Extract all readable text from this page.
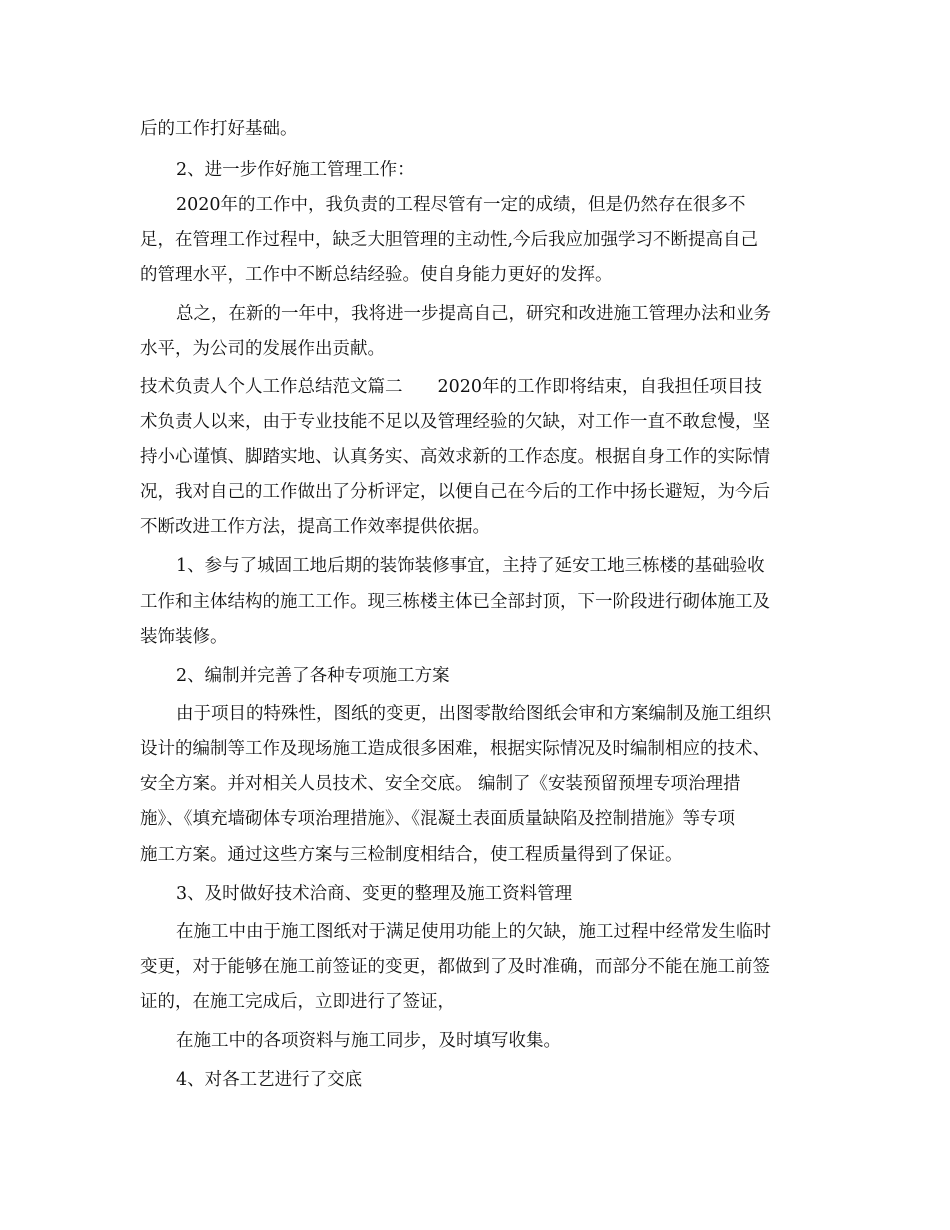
后的工作打好基础。

2、进一步作好施工管理工作：

2020年的工作中，我负责的工程尽管有一定的成绩，但是仍然存在很多不

足，在管理工作过程中，缺乏大胆管理的主动性,今后我应加强学习不断提高自己

的管理水平，工作中不断总结经验。使自身能力更好的发挥。

总之，在新的一年中，我将进一步提高自己，研究和改进施工管理办法和业务

水平，为公司的发展作出贡献。

技术负责人个人工作总结范文篇二　　2020年的工作即将结束，自我担任项目技

术负责人以来，由于专业技能不足以及管理经验的欠缺，对工作一直不敢怠慢，坚

持小心谨慎、脚踏实地、认真务实、高效求新的工作态度。根据自身工作的实际情

况，我对自己的工作做出了分析评定，以便自己在今后的工作中扬长避短，为今后

不断改进工作方法，提高工作效率提供依据。

1、参与了城固工地后期的装饰装修事宜，主持了延安工地三栋楼的基础验收

工作和主体结构的施工工作。现三栋楼主体已全部封顶，下一阶段进行砌体施工及

装饰装修。

2、编制并完善了各种专项施工方案

由于项目的特殊性，图纸的变更，出图零散给图纸会审和方案编制及施工组织

设计的编制等工作及现场施工造成很多困难，根据实际情况及时编制相应的技术、

安全方案。并对相关人员技术、安全交底。 编制了《安装预留预埋专项治理措

施》、《填充墙砌体专项治理措施》、《混凝土表面质量缺陷及控制措施》等专项

施工方案。通过这些方案与三检制度相结合，使工程质量得到了保证。

3、及时做好技术洽商、变更的整理及施工资料管理

在施工中由于施工图纸对于满足使用功能上的欠缺，施工过程中经常发生临时

变更，对于能够在施工前签证的变更，都做到了及时准确，而部分不能在施工前签

证的，在施工完成后，立即进行了签证，

在施工中的各项资料与施工同步，及时填写收集。

4、对各工艺进行了交底
